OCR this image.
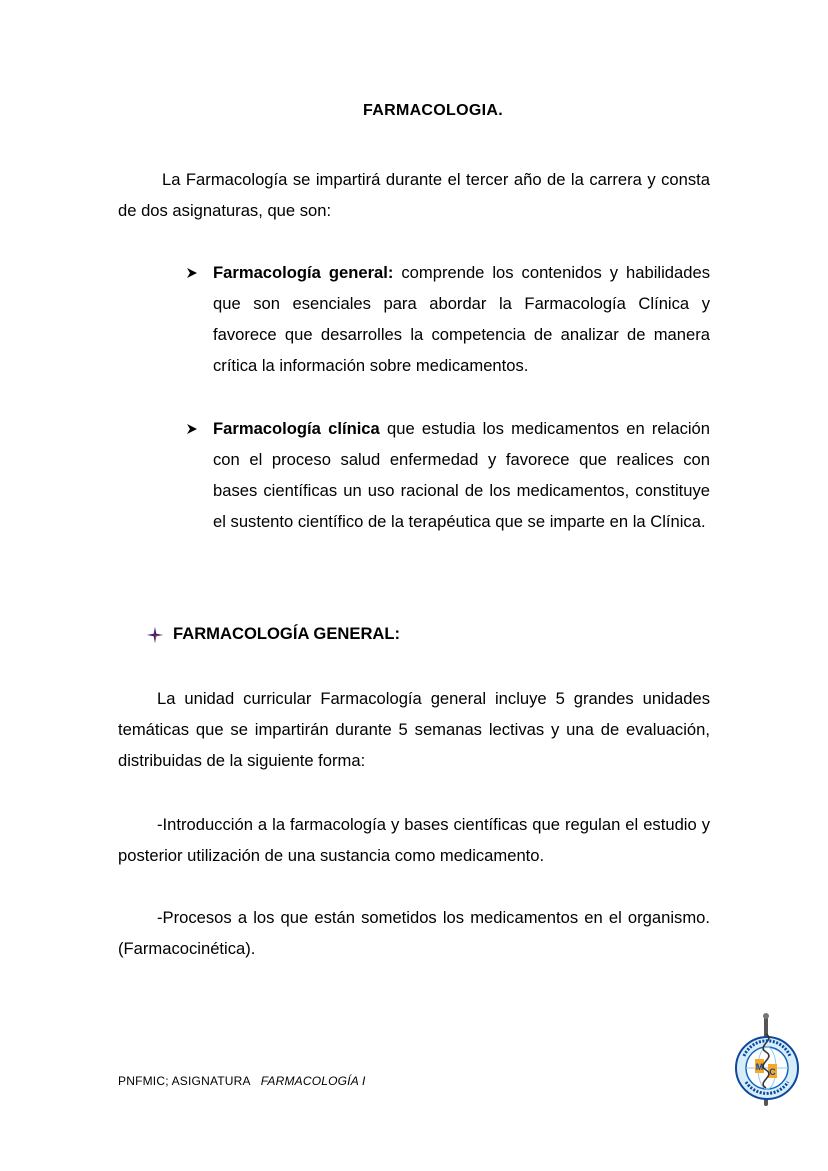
FARMACOLOGIA.
La Farmacología se impartirá durante el tercer año de la carrera y consta de dos asignaturas, que son:
Farmacología general: comprende los contenidos y habilidades que son esenciales para abordar la Farmacología Clínica y favorece que desarrolles la competencia de analizar de manera crítica la información sobre medicamentos.
Farmacología clínica que estudia los medicamentos en relación con el proceso salud enfermedad y favorece que realices con bases científicas un uso racional de los medicamentos, constituye el sustento científico de la terapéutica que se imparte en la Clínica.
FARMACOLOGÍA GENERAL:
La unidad curricular Farmacología general incluye 5 grandes unidades temáticas que se impartirán durante 5 semanas lectivas y una de evaluación, distribuidas de la siguiente forma:
-Introducción a la farmacología y bases científicas que regulan el estudio y posterior utilización de una sustancia como medicamento.
-Procesos a los que están sometidos los medicamentos en el organismo. (Farmacocinética).
PNFMIC; ASIGNATURA FARMACOLOGÍA I
M C
